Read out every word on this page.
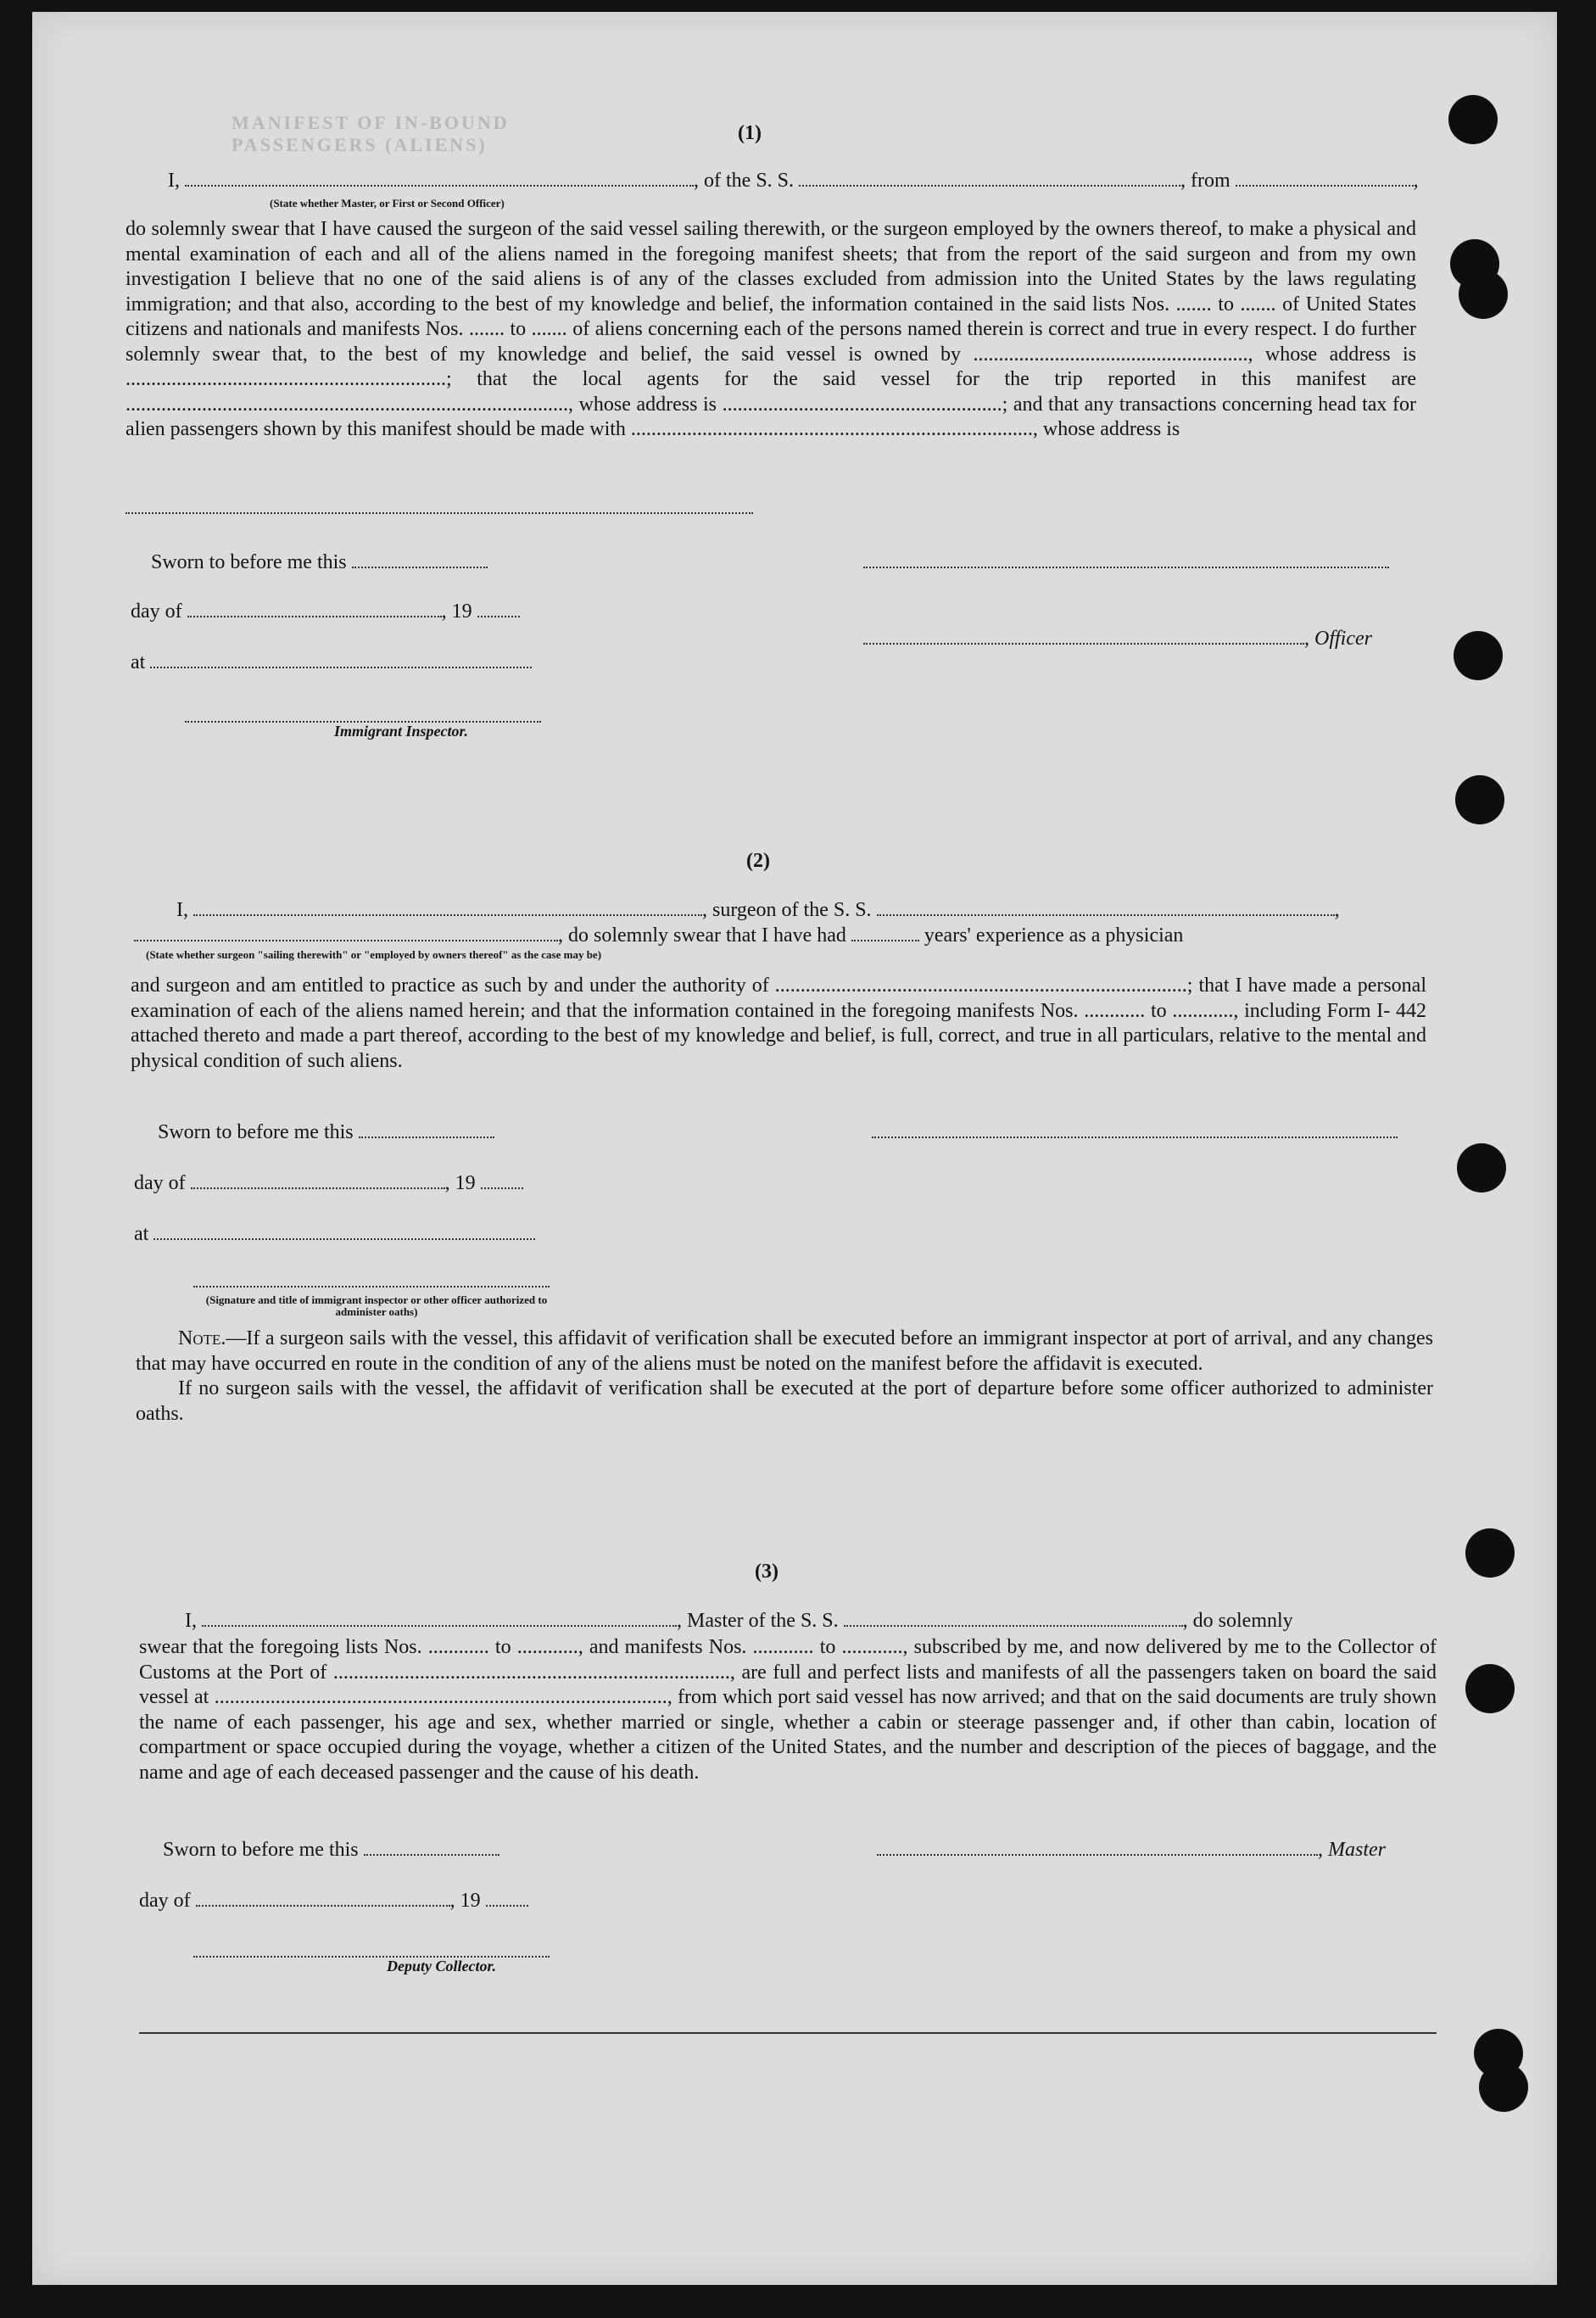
MANIFEST OF IN-BOUND PASSENGERS (ALIENS)
(1)
I,	, of the S. S.	, from	,
(State whether Master, or First or Second Officer)

do solemnly swear that I have caused the surgeon of the said vessel sailing therewith, or the surgeon employed by the owners thereof, to make a physical and mental examination of each and all of the aliens named in the foregoing manifest sheets; that from the report of the said surgeon and from my own investigation I believe that no one of the said aliens is of any of the classes excluded from admission into the United States by the laws regulating immigration; and that also, according to the best of my knowledge and belief, the information contained in the said lists Nos. ....... to ....... of United States citizens and nationals and manifests Nos. ....... to ....... of aliens concerning each of the persons named therein is correct and true in every respect. I do further solemnly swear that, to the best of my knowledge and belief, the said vessel is owned by ......................................................, whose address is ...............................................................; that the local agents for the said vessel for the trip reported in this manifest are ......................................................................................., whose address is .......................................................; and that any transactions concerning head tax for alien passengers shown by this manifest should be made with ..............................................................................., whose address is

Sworn to before me this
day of	, 19
, Officer
at
Immigrant Inspector.
(2)
I,	, surgeon of the S. S.	,
, do solemnly swear that I have had	years' experience as a physician
(State whether surgeon "sailing therewith" or "employed by owners thereof" as the case may be)

and surgeon and am entitled to practice as such by and under the authority of .................................................................................; that I have made a personal examination of each of the aliens named herein; and that the information contained in the foregoing manifests Nos. ............ to ............, including Form I- 442 attached thereto and made a part thereof, according to the best of my knowledge and belief, is full, correct, and true in all particulars, relative to the mental and physical condition of such aliens.

Sworn to before me this
day of	, 19
at
(Signature and title of immigrant inspector or other officer authorized to administer oaths)

Note.—If a surgeon sails with the vessel, this affidavit of verification shall be executed before an immigrant inspector at port of arrival, and any changes that may have occurred en route in the condition of any of the aliens must be noted on the manifest before the affidavit is executed.

If no surgeon sails with the vessel, the affidavit of verification shall be executed at the port of departure before some officer authorized to administer oaths.

(3)
I,	, Master of the S. S.	, do solemnly

swear that the foregoing lists Nos. ............ to ............, and manifests Nos. ............ to ............, subscribed by me, and now delivered by me to the Collector of Customs at the Port of .............................................................................., are full and perfect lists and manifests of all the passengers taken on board the said vessel at ........................................................................................., from which port said vessel has now arrived; and that on the said documents are truly shown the name of each passenger, his age and sex, whether married or single, whether a cabin or steerage passenger and, if other than cabin, location of compartment or space occupied during the voyage, whether a citizen of the United States, and the number and description of the pieces of baggage, and the name and age of each deceased passenger and the cause of his death.

Sworn to before me this	, Master
day of	, 19
Deputy Collector.
